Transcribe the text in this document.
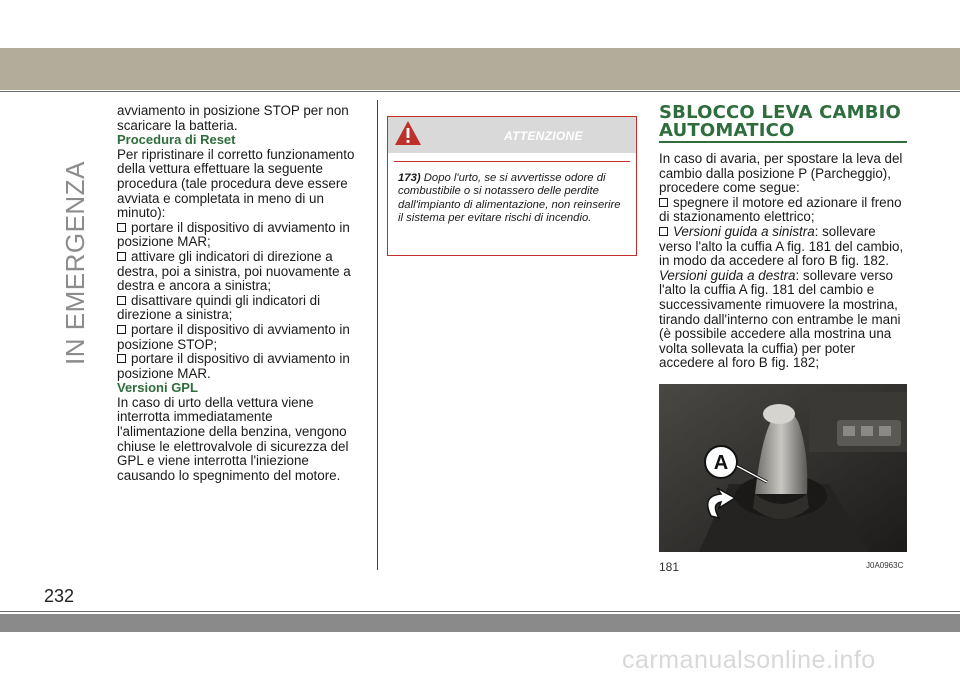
IN EMERGENZA

avviamento in posizione STOP per non scaricare la batteria.

Procedura di Reset

Per ripristinare il corretto funzionamento della vettura effettuare la seguente procedura (tale procedura deve essere avviata e completata in meno di un minuto):

portare il dispositivo di avviamento in posizione MAR;

attivare gli indicatori di direzione a destra, poi a sinistra, poi nuovamente a destra e ancora a sinistra;

disattivare quindi gli indicatori di direzione a sinistra;

portare il dispositivo di avviamento in posizione STOP;

portare il dispositivo di avviamento in posizione MAR.

Versioni GPL

In caso di urto della vettura viene interrotta immediatamente l'alimentazione della benzina, vengono chiuse le elettrovalvole di sicurezza del GPL e viene interrotta l'iniezione causando lo spegnimento del motore.

ATTENZIONE
173) Dopo l'urto, se si avvertisse odore di combustibile o si notassero delle perdite dall'impianto di alimentazione, non reinserire il sistema per evitare rischi di incendio.
SBLOCCO LEVA CAMBIO
AUTOMATICO

In caso di avaria, per spostare la leva del cambio dalla posizione P (Parcheggio), procedere come segue:

spegnere il motore ed azionare il freno di stazionamento elettrico;

Versioni guida a sinistra: sollevare verso l'alto la cuffia A fig. 181 del cambio, in modo da accedere al foro B fig. 182. Versioni guida a destra: sollevare verso l'alto la cuffia A fig. 181 del cambio e successivamente rimuovere la mostrina, tirando dall'interno con entrambe le mani (è possibile accedere alla mostrina una volta sollevata la cuffia) per poter accedere al foro B fig. 182;

A
181	J0A0963C
232
carmanualsonline.info
